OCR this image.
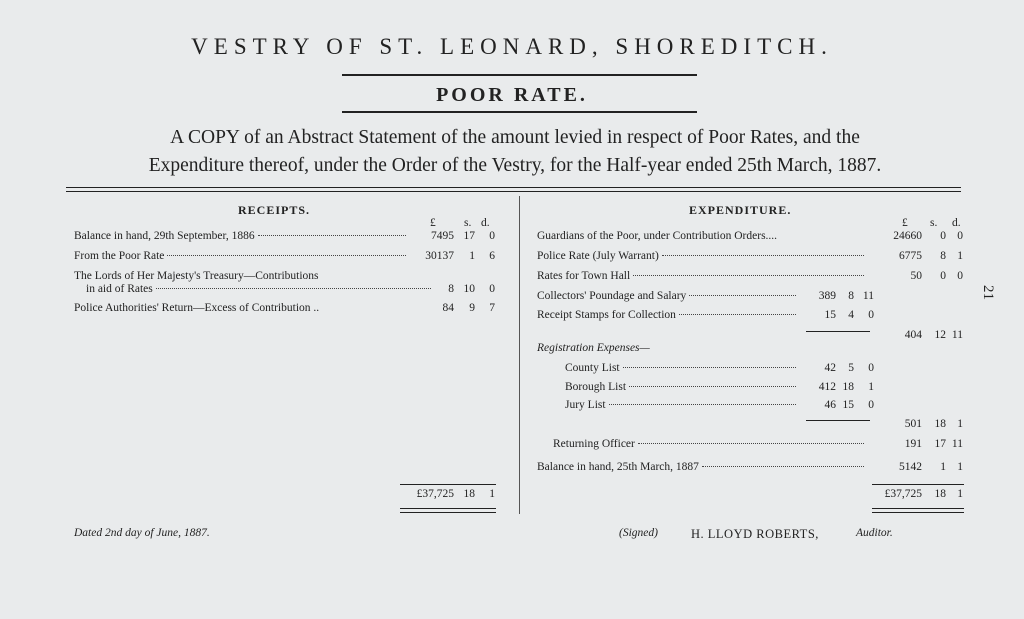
VESTRY OF ST. LEONARD, SHOREDITCH.
POOR RATE.
A COPY of an Abstract Statement of the amount levied in respect of Poor Rates, and the
Expenditure thereof, under the Order of the Vestry, for the Half-year ended 25th March, 1887.
21
RECEIPTS.
£ s. d.
Balance in hand, 29th September, 1886	7495 17	0
From the Poor Rate	30137	1	6
The Lords of Her Majesty's Treasury—Contributions
in aid of Rates	8 10	0
Police Authorities' Return—Excess of Contribution ..	84	9	7
£37,725 18	1
EXPENDITURE.
£ s. d.
Guardians of the Poor, under Contribution Orders....	24660	0 0
Police Rate (July Warrant)	6775	8 1
Rates for Town Hall	50	0 0
Collectors' Poundage and Salary	389	8 11
Receipt Stamps for Collection	15	4	0
404	12 11
Registration Expenses—
County List	42	5	0
Borough List	412 18	1
Jury List	46 15	0
501	18 1
Returning Officer	191	17 11
Balance in hand, 25th March, 1887	5142	1 1
£37,725	18 1
Dated 2nd day of June, 1887.	(Signed)	H. LLOYD ROBERTS,	Auditor.
